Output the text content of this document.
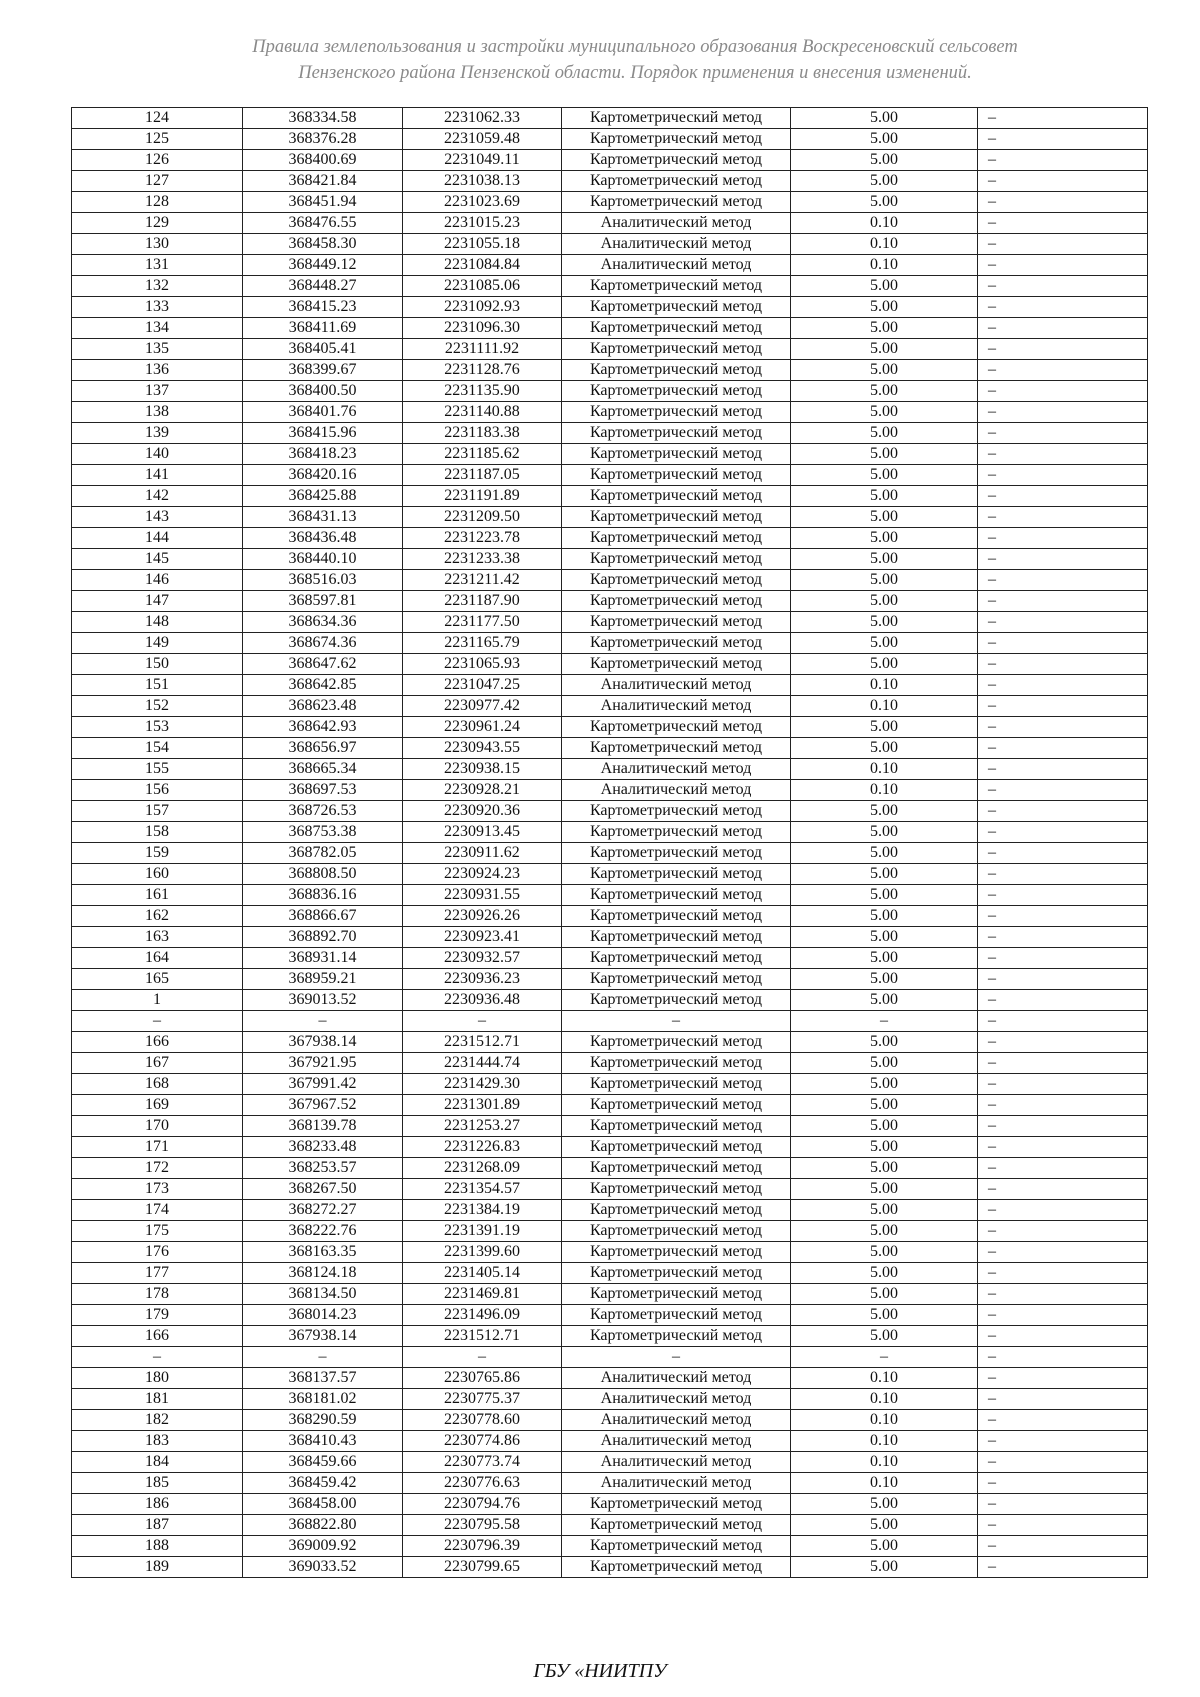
Правила землепользования и застройки муниципального образования Воскресеновский сельсовет
Пензенского района Пензенской области. Порядок применения и внесения изменений.
124	368334.58	2231062.33	Картометрический метод	5.00	–
125	368376.28	2231059.48	Картометрический метод	5.00	–
126	368400.69	2231049.11	Картометрический метод	5.00	–
127	368421.84	2231038.13	Картометрический метод	5.00	–
128	368451.94	2231023.69	Картометрический метод	5.00	–
129	368476.55	2231015.23	Аналитический метод	0.10	–
130	368458.30	2231055.18	Аналитический метод	0.10	–
131	368449.12	2231084.84	Аналитический метод	0.10	–
132	368448.27	2231085.06	Картометрический метод	5.00	–
133	368415.23	2231092.93	Картометрический метод	5.00	–
134	368411.69	2231096.30	Картометрический метод	5.00	–
135	368405.41	2231111.92	Картометрический метод	5.00	–
136	368399.67	2231128.76	Картометрический метод	5.00	–
137	368400.50	2231135.90	Картометрический метод	5.00	–
138	368401.76	2231140.88	Картометрический метод	5.00	–
139	368415.96	2231183.38	Картометрический метод	5.00	–
140	368418.23	2231185.62	Картометрический метод	5.00	–
141	368420.16	2231187.05	Картометрический метод	5.00	–
142	368425.88	2231191.89	Картометрический метод	5.00	–
143	368431.13	2231209.50	Картометрический метод	5.00	–
144	368436.48	2231223.78	Картометрический метод	5.00	–
145	368440.10	2231233.38	Картометрический метод	5.00	–
146	368516.03	2231211.42	Картометрический метод	5.00	–
147	368597.81	2231187.90	Картометрический метод	5.00	–
148	368634.36	2231177.50	Картометрический метод	5.00	–
149	368674.36	2231165.79	Картометрический метод	5.00	–
150	368647.62	2231065.93	Картометрический метод	5.00	–
151	368642.85	2231047.25	Аналитический метод	0.10	–
152	368623.48	2230977.42	Аналитический метод	0.10	–
153	368642.93	2230961.24	Картометрический метод	5.00	–
154	368656.97	2230943.55	Картометрический метод	5.00	–
155	368665.34	2230938.15	Аналитический метод	0.10	–
156	368697.53	2230928.21	Аналитический метод	0.10	–
157	368726.53	2230920.36	Картометрический метод	5.00	–
158	368753.38	2230913.45	Картометрический метод	5.00	–
159	368782.05	2230911.62	Картометрический метод	5.00	–
160	368808.50	2230924.23	Картометрический метод	5.00	–
161	368836.16	2230931.55	Картометрический метод	5.00	–
162	368866.67	2230926.26	Картометрический метод	5.00	–
163	368892.70	2230923.41	Картометрический метод	5.00	–
164	368931.14	2230932.57	Картометрический метод	5.00	–
165	368959.21	2230936.23	Картометрический метод	5.00	–
1	369013.52	2230936.48	Картометрический метод	5.00	–
–	–	–	–	–	–
166	367938.14	2231512.71	Картометрический метод	5.00	–
167	367921.95	2231444.74	Картометрический метод	5.00	–
168	367991.42	2231429.30	Картометрический метод	5.00	–
169	367967.52	2231301.89	Картометрический метод	5.00	–
170	368139.78	2231253.27	Картометрический метод	5.00	–
171	368233.48	2231226.83	Картометрический метод	5.00	–
172	368253.57	2231268.09	Картометрический метод	5.00	–
173	368267.50	2231354.57	Картометрический метод	5.00	–
174	368272.27	2231384.19	Картометрический метод	5.00	–
175	368222.76	2231391.19	Картометрический метод	5.00	–
176	368163.35	2231399.60	Картометрический метод	5.00	–
177	368124.18	2231405.14	Картометрический метод	5.00	–
178	368134.50	2231469.81	Картометрический метод	5.00	–
179	368014.23	2231496.09	Картометрический метод	5.00	–
166	367938.14	2231512.71	Картометрический метод	5.00	–
–	–	–	–	–	–
180	368137.57	2230765.86	Аналитический метод	0.10	–
181	368181.02	2230775.37	Аналитический метод	0.10	–
182	368290.59	2230778.60	Аналитический метод	0.10	–
183	368410.43	2230774.86	Аналитический метод	0.10	–
184	368459.66	2230773.74	Аналитический метод	0.10	–
185	368459.42	2230776.63	Аналитический метод	0.10	–
186	368458.00	2230794.76	Картометрический метод	5.00	–
187	368822.80	2230795.58	Картометрический метод	5.00	–
188	369009.92	2230796.39	Картометрический метод	5.00	–
189	369033.52	2230799.65	Картометрический метод	5.00	–
ГБУ «НИИТПУ
